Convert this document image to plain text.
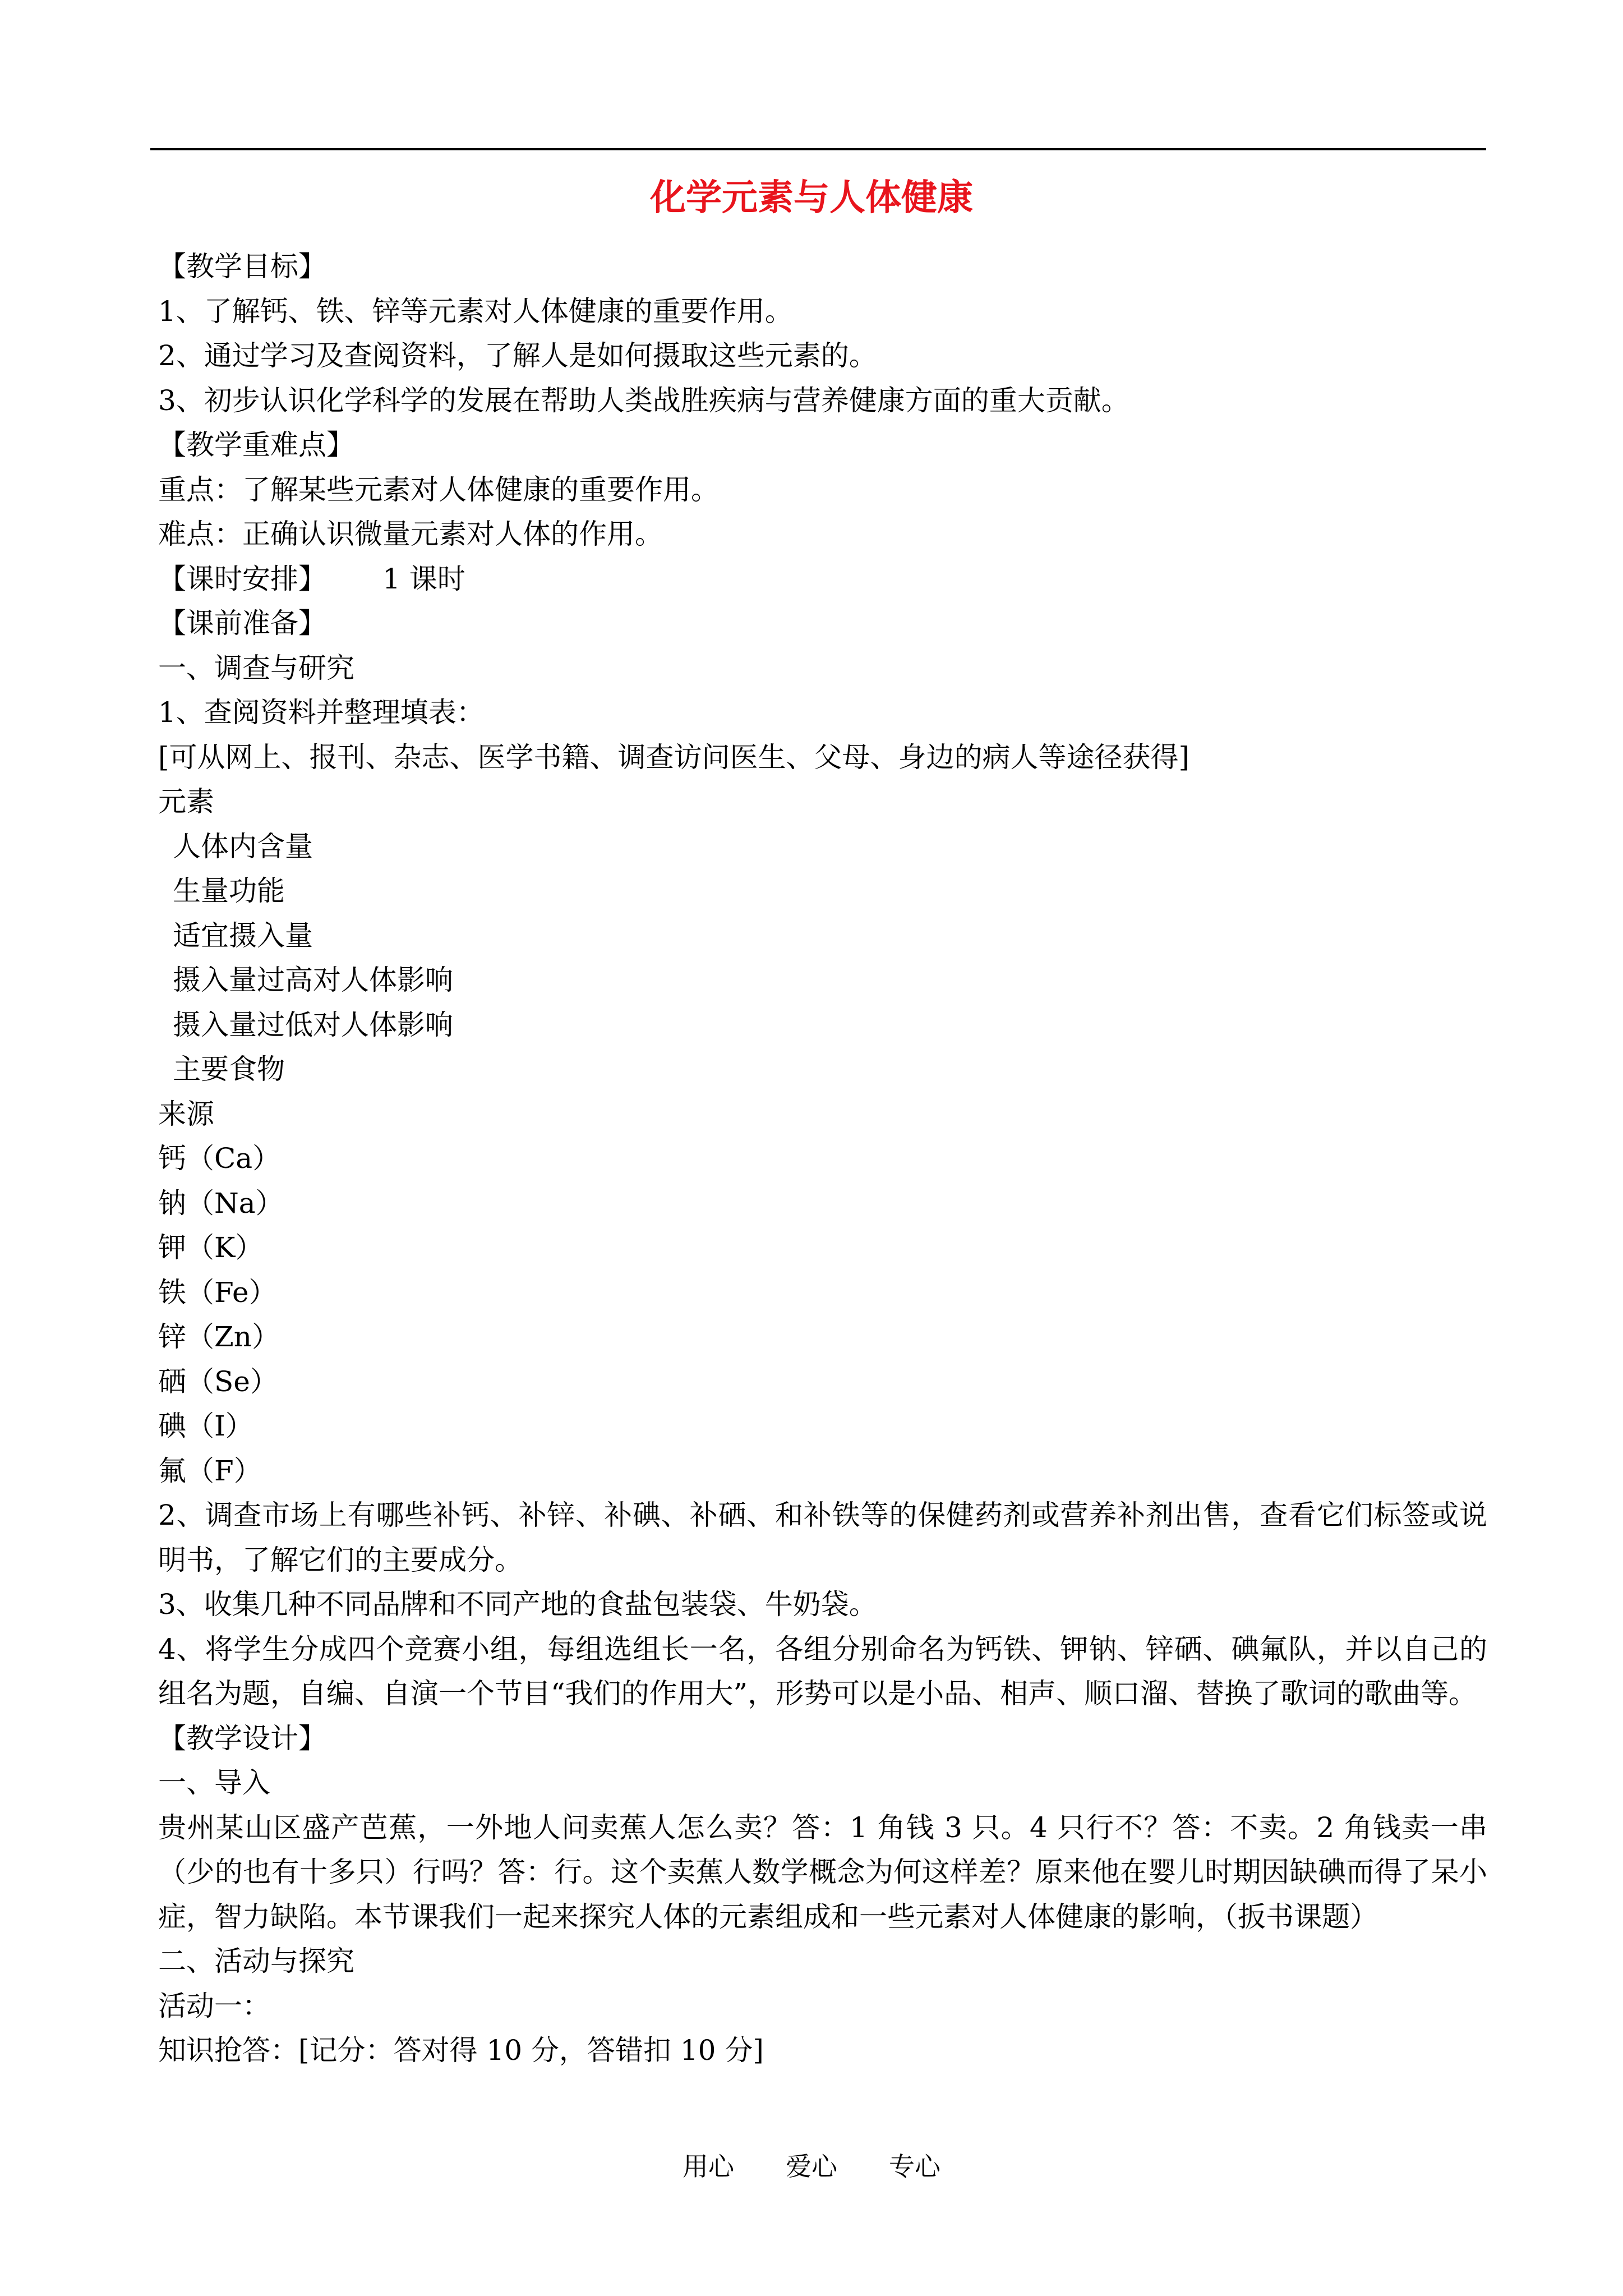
化学元素与人体健康
【教学目标】
1、了解钙、铁、锌等元素对人体健康的重要作用。
2、通过学习及查阅资料，了解人是如何摄取这些元素的。
3、初步认识化学科学的发展在帮助人类战胜疾病与营养健康方面的重大贡献。
【教学重难点】
重点：了解某些元素对人体健康的重要作用。
难点：正确认识微量元素对人体的作用。
【课时安排】 1 课时
【课前准备】
一、调查与研究
1、查阅资料并整理填表：
[可从网上、报刊、杂志、医学书籍、调查访问医生、父母、身边的病人等途径获得]
元素
人体内含量
生量功能
适宜摄入量
摄入量过高对人体影响
摄入量过低对人体影响
主要食物
来源
钙（Ca）
钠（Na）
钾（K）
铁（Fe）
锌（Zn）
硒（Se）
碘（I）
氟（F）
2、调查市场上有哪些补钙、补锌、补碘、补硒、和补铁等的保健药剂或营养补剂出售，查看它们标签或说明书，了解它们的主要成分。
3、收集几种不同品牌和不同产地的食盐包装袋、牛奶袋。
4、将学生分成四个竞赛小组，每组选组长一名，各组分别命名为钙铁、钾钠、锌硒、碘氟队，并以自己的组名为题，自编、自演一个节目“我们的作用大”，形势可以是小品、相声、顺口溜、替换了歌词的歌曲等。
【教学设计】
一、导入
贵州某山区盛产芭蕉，一外地人问卖蕉人怎么卖？答：1 角钱 3 只。4 只行不？答：不卖。2 角钱卖一串（少的也有十多只）行吗？答：行。这个卖蕉人数学概念为何这样差？原来他在婴儿时期因缺碘而得了呆小症，智力缺陷。本节课我们一起来探究人体的元素组成和一些元素对人体健康的影响，（扳书课题）
二、活动与探究
活动一：
知识抢答：[记分：答对得 10 分，答错扣 10 分]
用心　　爱心　　专心
